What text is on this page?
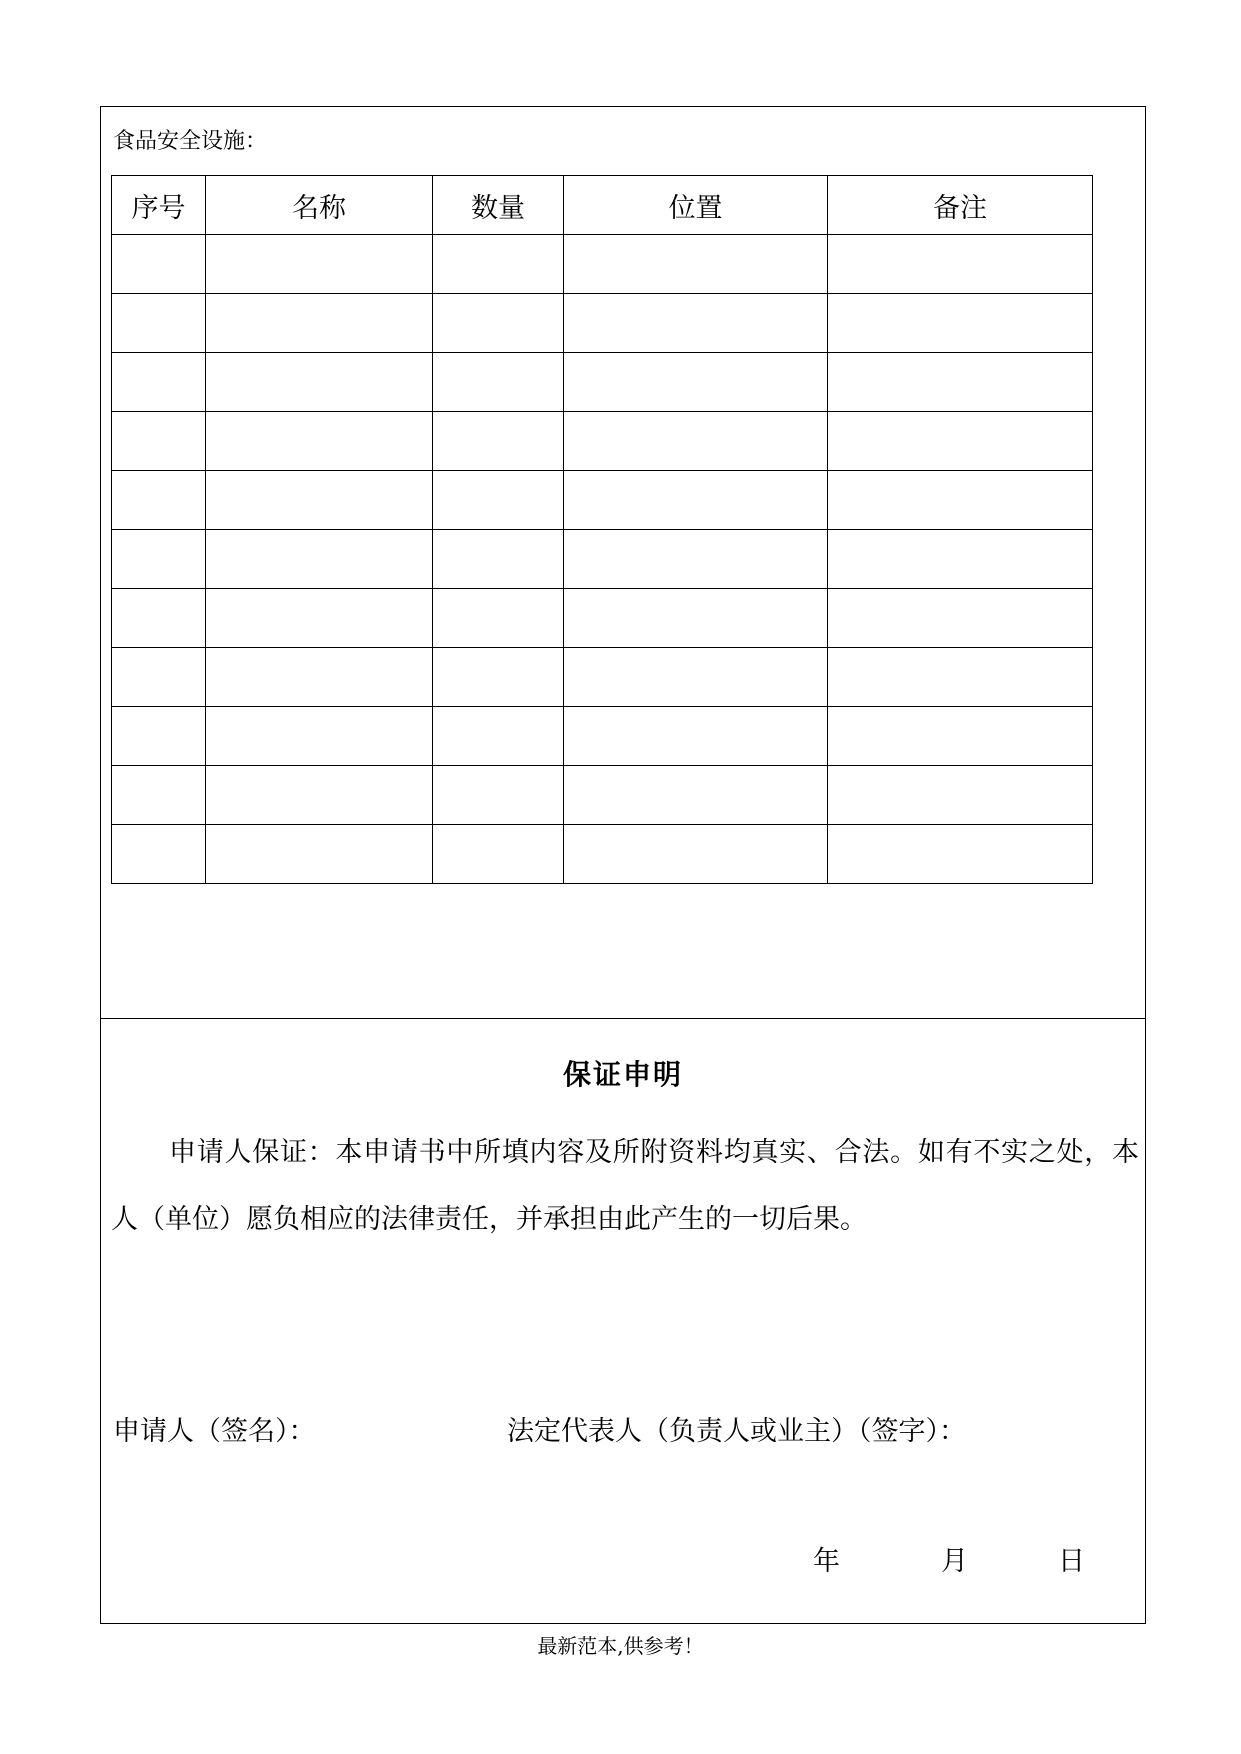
食品安全设施：
序号	名称	数量	位置	备注

保证申明
申请人保证：本申请书中所填内容及所附资料均真实、合法。如有不实之处，本人（单位）愿负相应的法律责任，并承担由此产生的一切后果。
申请人（签名）：	法定代表人（负责人或业主）（签字）：
年	月	日
最新范本,供参考！
